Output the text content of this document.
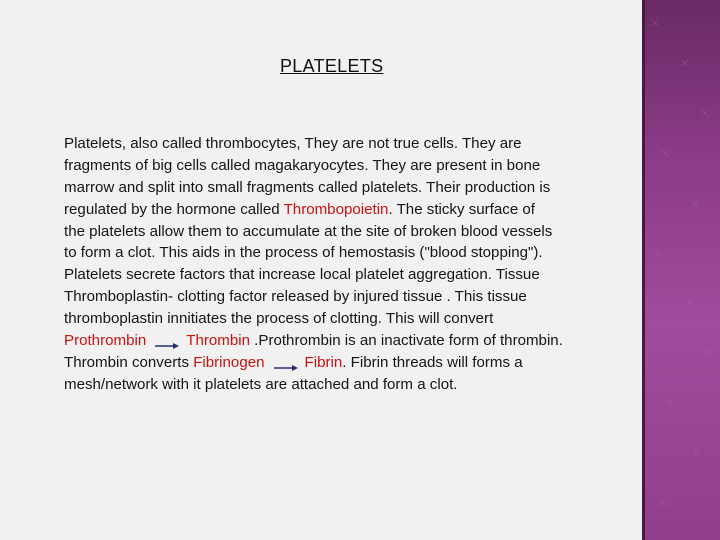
PLATELETS
Platelets, also called thrombocytes, They are not true cells. They are
fragments of big cells called magakaryocytes. They are present in bone
marrow and split into small fragments called platelets. Their production is
regulated by the hormone called Thrombopoietin. The sticky surface of
the platelets allow them to accumulate at the site of broken blood vessels
to form a clot. This aids in the process of hemostasis ("blood stopping").
Platelets secrete factors that increase local platelet aggregation. Tissue
Thromboplastin- clotting factor released by injured tissue . This tissue
thromboplastin innitiates the process of clotting. This will convert
Prothrombin	Thrombin .Prothrombin is an inactivate form of thrombin.
Thrombin converts Fibrinogen	Fibrin. Fibrin threads will forms a
mesh/network with it platelets are attached and form a clot.
